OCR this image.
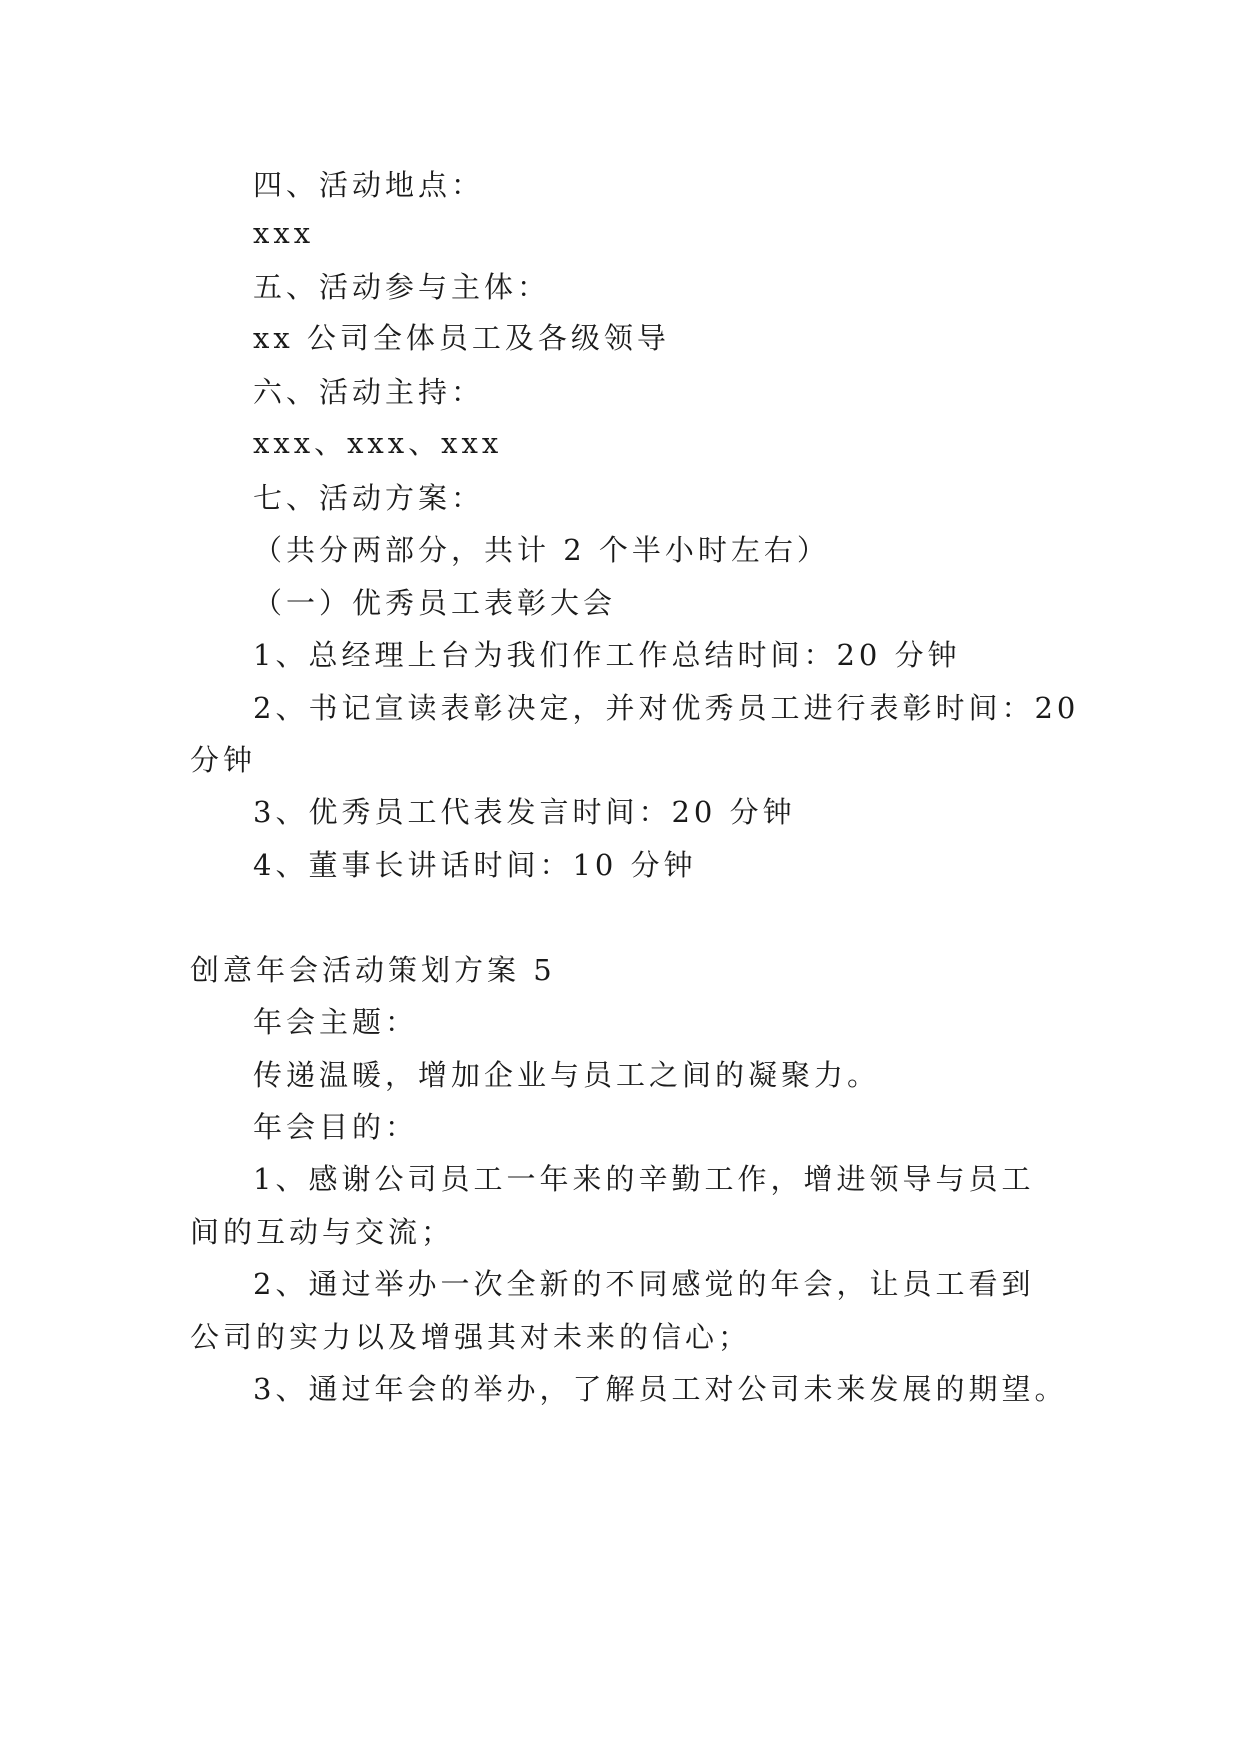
四、活动地点：
xxx
五、活动参与主体：
xx 公司全体员工及各级领导
六、活动主持：
xxx、xxx、xxx
七、活动方案：
（共分两部分，共计 2 个半小时左右）
（一）优秀员工表彰大会
1、总经理上台为我们作工作总结时间：20 分钟
2、书记宣读表彰决定，并对优秀员工进行表彰时间：20
分钟
3、优秀员工代表发言时间：20 分钟
4、董事长讲话时间：10 分钟
创意年会活动策划方案 5
年会主题：
传递温暖，增加企业与员工之间的凝聚力。
年会目的：
1、感谢公司员工一年来的辛勤工作，增进领导与员工
间的互动与交流；
2、通过举办一次全新的不同感觉的年会，让员工看到
公司的实力以及增强其对未来的信心；
3、通过年会的举办，了解员工对公司未来发展的期望。
